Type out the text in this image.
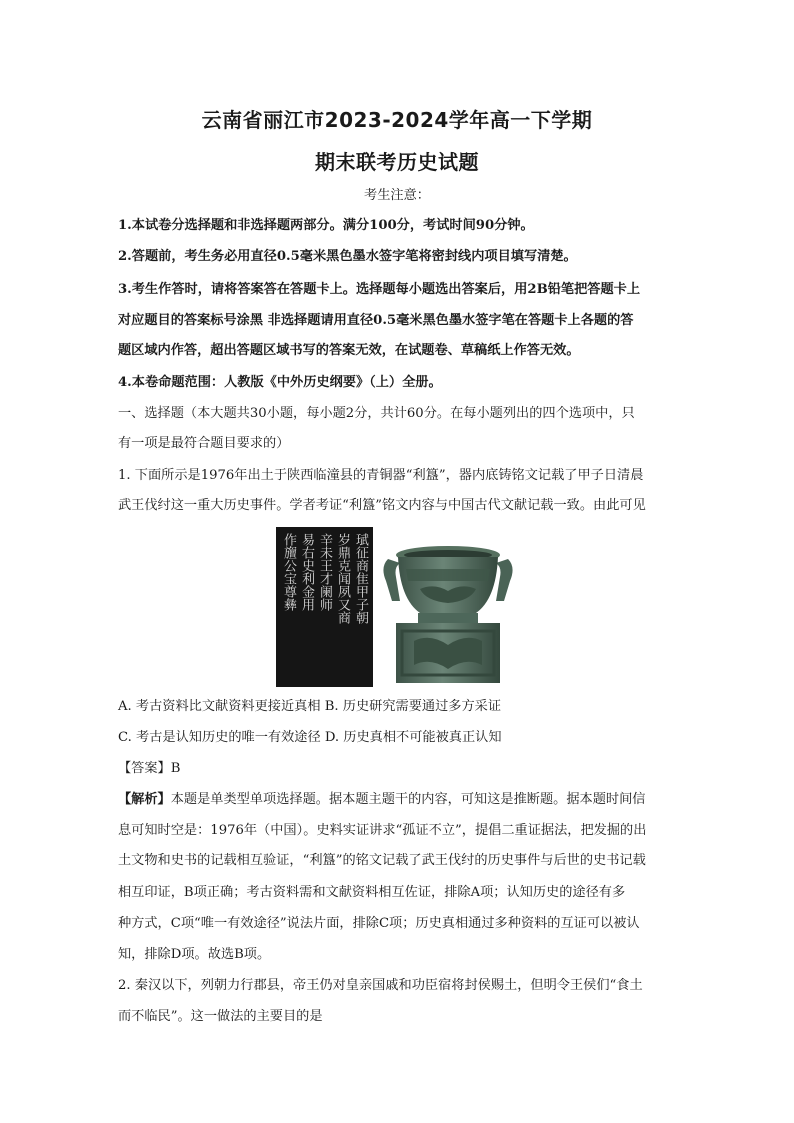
云南省丽江市2023-2024学年高一下学期
期末联考历史试题
考生注意：
1.本试卷分选择题和非选择题两部分。满分100分，考试时间90分钟。
2.答题前，考生务必用直径0.5毫米黑色墨水签字笔将密封线内项目填写清楚。
3.考生作答时，请将答案答在答题卡上。选择题每小题选出答案后，用2B铅笔把答题卡上
对应题目的答案标号涂黑 非选择题请用直径0.5毫米黑色墨水签字笔在答题卡上各题的答
题区域内作答，超出答题区域书写的答案无效，在试题卷、草稿纸上作答无效。
4.本卷命题范围：人教版《中外历史纲要》（上）全册。
一、选择题（本大题共30小题，每小题2分，共计60分。在每小题列出的四个选项中，只
有一项是最符合题目要求的）
1. 下面所示是1976年出土于陕西临潼县的青铜器“利簋”，器内底铸铭文记载了甲子日清晨
武王伐纣这一重大历史事件。学者考证“利簋”铭文内容与中国古代文献记载一致。由此可见
珷征商隹甲子朝
岁鼎克闻夙又商
辛未王才阑师
易右史利金用
作旜公宝尊彝
A. 考古资料比文献资料更接近真相 B. 历史研究需要通过多方采证
C. 考古是认知历史的唯一有效途径 D. 历史真相不可能被真正认知
【答案】B
【解析】本题是单类型单项选择题。据本题主题干的内容，可知这是推断题。据本题时间信
息可知时空是：1976年（中国）。史料实证讲求“孤证不立”，提倡二重证据法，把发掘的出
土文物和史书的记载相互验证，“利簋”的铭文记载了武王伐纣的历史事件与后世的史书记载
相互印证，B项正确；考古资料需和文献资料相互佐证，排除A项；认知历史的途径有多
种方式，C项“唯一有效途径”说法片面，排除C项；历史真相通过多种资料的互证可以被认
知，排除D项。故选B项。
2. 秦汉以下，列朝力行郡县，帝王仍对皇亲国戚和功臣宿将封侯赐土，但明令王侯们“食土
而不临民”。这一做法的主要目的是
